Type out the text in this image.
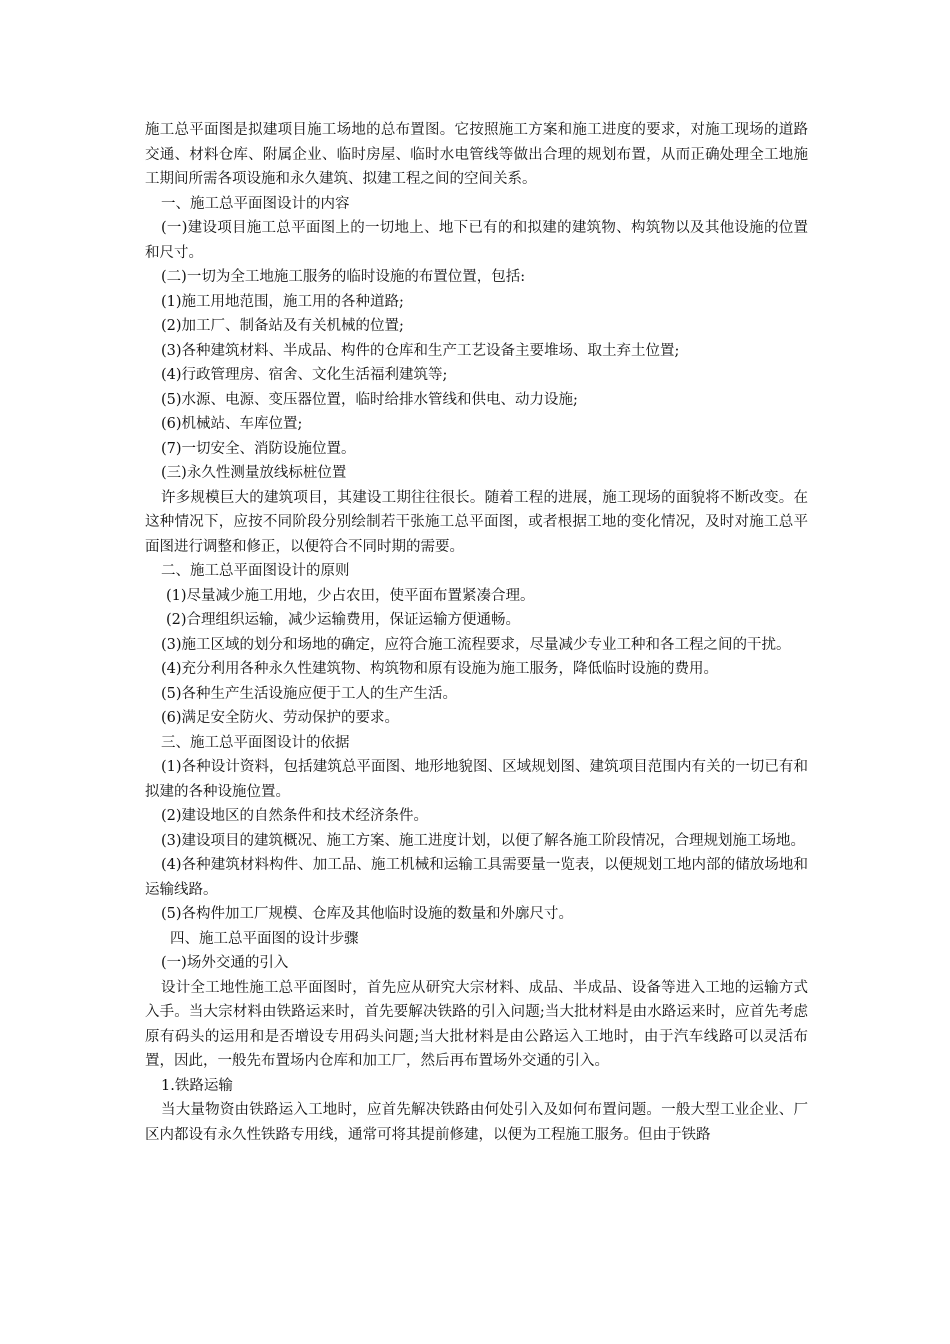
施工总平面图是拟建项目施工场地的总布置图。它按照施工方案和施工进度的要求，对施工现场的道路交通、材料仓库、附属企业、临时房屋、临时水电管线等做出合理的规划布置，从而正确处理全工地施工期间所需各项设施和永久建筑、拟建工程之间的空间关系。

一、施工总平面图设计的内容

(一)建设项目施工总平面图上的一切地上、地下已有的和拟建的建筑物、构筑物以及其他设施的位置和尺寸。

(二)一切为全工地施工服务的临时设施的布置位置，包括:

(1)施工用地范围，施工用的各种道路;

(2)加工厂、制备站及有关机械的位置;

(3)各种建筑材料、半成品、构件的仓库和生产工艺设备主要堆场、取土弃土位置;

(4)行政管理房、宿舍、文化生活福利建筑等;

(5)水源、电源、变压器位置，临时给排水管线和供电、动力设施;

(6)机械站、车库位置;

(7)一切安全、消防设施位置。

(三)永久性测量放线标桩位置

许多规模巨大的建筑项目，其建设工期往往很长。随着工程的进展，施工现场的面貌将不断改变。在这种情况下，应按不同阶段分别绘制若干张施工总平面图，或者根据工地的变化情况，及时对施工总平面图进行调整和修正，以便符合不同时期的需要。

二、施工总平面图设计的原则

(1)尽量减少施工用地，少占农田，使平面布置紧凑合理。

(2)合理组织运输，减少运输费用，保证运输方便通畅。

(3)施工区域的划分和场地的确定，应符合施工流程要求，尽量减少专业工种和各工程之间的干扰。

(4)充分利用各种永久性建筑物、构筑物和原有设施为施工服务，降低临时设施的费用。

(5)各种生产生活设施应便于工人的生产生活。

(6)满足安全防火、劳动保护的要求。

三、施工总平面图设计的依据

(1)各种设计资料，包括建筑总平面图、地形地貌图、区域规划图、建筑项目范围内有关的一切已有和拟建的各种设施位置。

(2)建设地区的自然条件和技术经济条件。

(3)建设项目的建筑概况、施工方案、施工进度计划，以便了解各施工阶段情况，合理规划施工场地。

(4)各种建筑材料构件、加工品、施工机械和运输工具需要量一览表，以便规划工地内部的储放场地和运输线路。

(5)各构件加工厂规模、仓库及其他临时设施的数量和外廓尺寸。

四、施工总平面图的设计步骤

(一)场外交通的引入

设计全工地性施工总平面图时，首先应从研究大宗材料、成品、半成品、设备等进入工地的运输方式入手。当大宗材料由铁路运来时，首先要解决铁路的引入问题;当大批材料是由水路运来时，应首先考虑原有码头的运用和是否增设专用码头问题;当大批材料是由公路运入工地时，由于汽车线路可以灵活布置，因此，一般先布置场内仓库和加工厂，然后再布置场外交通的引入。

1.铁路运输

当大量物资由铁路运入工地时，应首先解决铁路由何处引入及如何布置问题。一般大型工业企业、厂区内都设有永久性铁路专用线，通常可将其提前修建，以便为工程施工服务。但由于铁路
